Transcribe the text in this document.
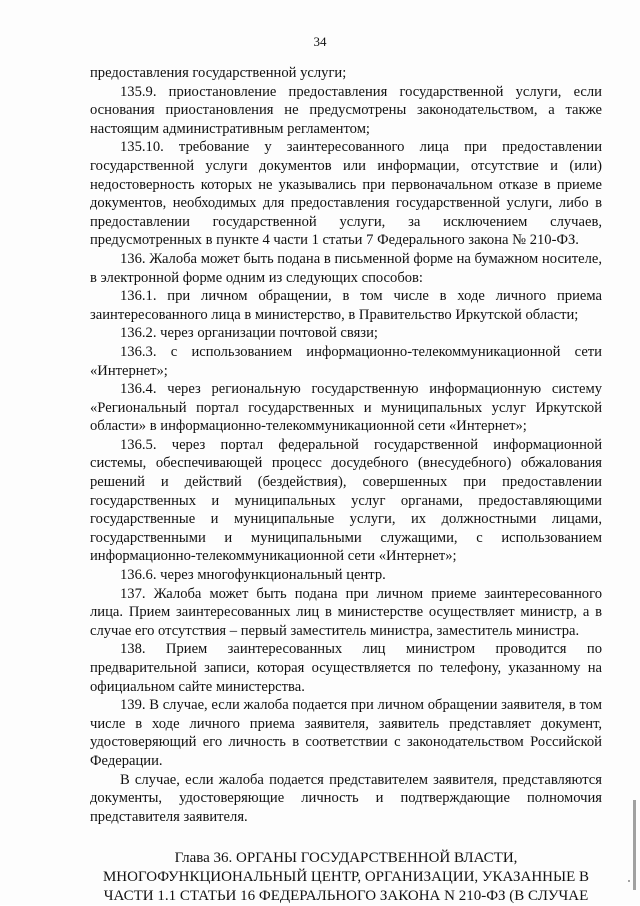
34

предоставления государственной услуги;

135.9. приостановление предоставления государственной услуги, если основания приостановления не предусмотрены законодательством, а также настоящим административным регламентом;

135.10. требование у заинтересованного лица при предоставлении государственной услуги документов или информации, отсутствие и (или) недостоверность которых не указывались при первоначальном отказе в приеме документов, необходимых для предоставления государственной услуги, либо в предоставлении государственной услуги, за исключением случаев, предусмотренных в пункте 4 части 1 статьи 7 Федерального закона № 210-ФЗ.

136. Жалоба может быть подана в письменной форме на бумажном носителе, в электронной форме одним из следующих способов:

136.1. при личном обращении, в том числе в ходе личного приема заинтересованного лица в министерство, в Правительство Иркутской области;

136.2. через организации почтовой связи;

136.3. с использованием информационно-телекоммуникационной сети «Интернет»;

136.4. через региональную государственную информационную систему «Региональный портал государственных и муниципальных услуг Иркутской области» в информационно-телекоммуникационной сети «Интернет»;

136.5. через портал федеральной государственной информационной системы, обеспечивающей процесс досудебного (внесудебного) обжалования решений и действий (бездействия), совершенных при предоставлении государственных и муниципальных услуг органами, предоставляющими государственные и муниципальные услуги, их должностными лицами, государственными и муниципальными служащими, с использованием информационно-телекоммуникационной сети «Интернет»;

136.6. через многофункциональный центр.

137. Жалоба может быть подана при личном приеме заинтересованного лица. Прием заинтересованных лиц в министерстве осуществляет министр, а в случае его отсутствия – первый заместитель министра, заместитель министра.

138. Прием заинтересованных лиц министром проводится по предварительной записи, которая осуществляется по телефону, указанному на официальном сайте министерства.

139. В случае, если жалоба подается при личном обращении заявителя, в том числе в ходе личного приема заявителя, заявитель представляет документ, удостоверяющий его личность в соответствии с законодательством Российской Федерации.

В случае, если жалоба подается представителем заявителя, представляются документы, удостоверяющие личность и подтверждающие полномочия представителя заявителя.

Глава 36. ОРГАНЫ ГОСУДАРСТВЕННОЙ ВЛАСТИ, МНОГОФУНКЦИОНАЛЬНЫЙ ЦЕНТР, ОРГАНИЗАЦИИ, УКАЗАННЫЕ В ЧАСТИ 1.1 СТАТЬИ 16 ФЕДЕРАЛЬНОГО ЗАКОНА N 210-ФЗ (В СЛУЧАЕ
